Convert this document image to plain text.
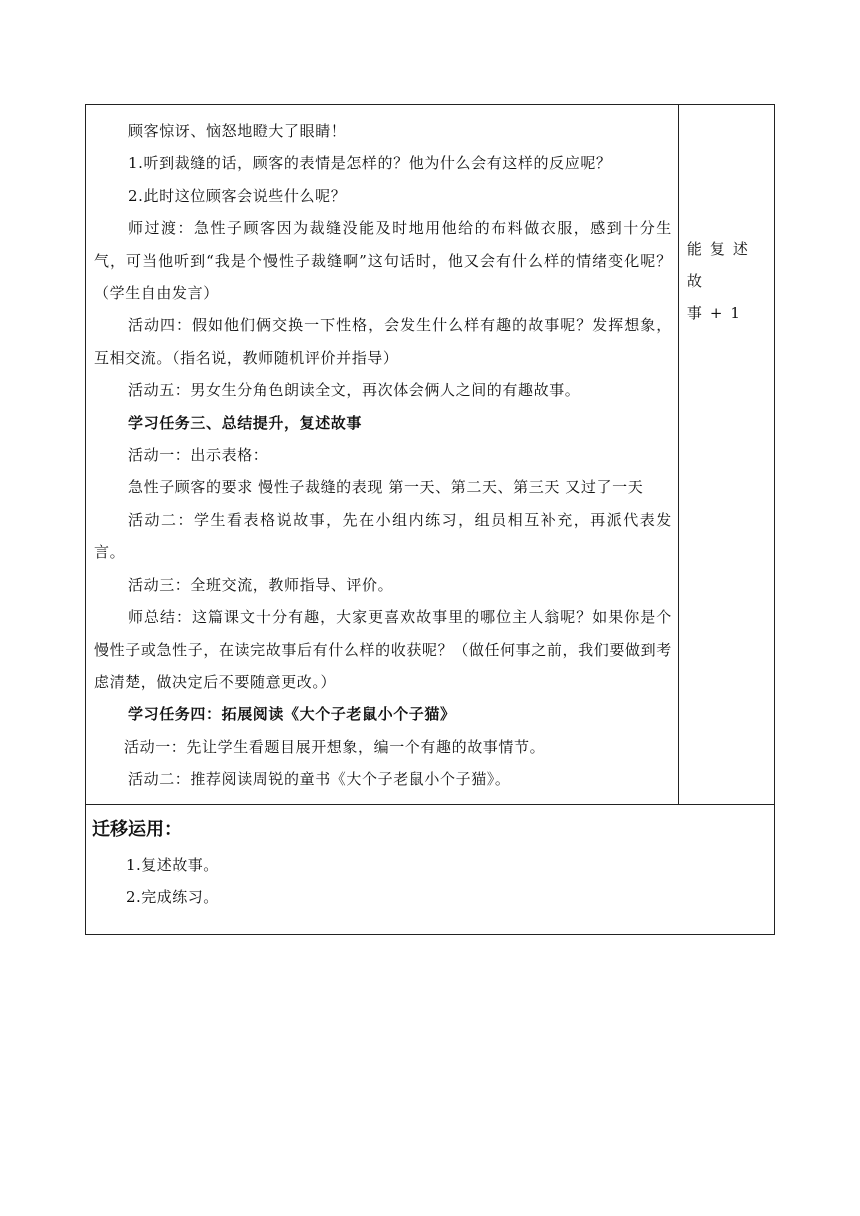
顾客惊讶、恼怒地瞪大了眼睛！

1.听到裁缝的话，顾客的表情是怎样的？他为什么会有这样的反应呢？

2.此时这位顾客会说些什么呢？

师过渡：急性子顾客因为裁缝没能及时地用他给的布料做衣服，感到十分生气，可当他听到“我是个慢性子裁缝啊”这句话时，他又会有什么样的情绪变化呢？（学生自由发言）

活动四：假如他们俩交换一下性格，会发生什么样有趣的故事呢？发挥想象，互相交流。（指名说，教师随机评价并指导）

活动五：男女生分角色朗读全文，再次体会俩人之间的有趣故事。

学习任务三、总结提升，复述故事

活动一：出示表格：

急性子顾客的要求 慢性子裁缝的表现 第一天、第二天、第三天 又过了一天

活动二：学生看表格说故事，先在小组内练习，组员相互补充，再派代表发言。

活动三：全班交流，教师指导、评价。

师总结：这篇课文十分有趣，大家更喜欢故事里的哪位主人翁呢？如果你是个慢性子或急性子，在读完故事后有什么样的收获呢？（做任何事之前，我们要做到考虑清楚，做决定后不要随意更改。）

学习任务四：拓展阅读《大个子老鼠小个子猫》

活动一：先让学生看题目展开想象，编一个有趣的故事情节。

活动二：推荐阅读周锐的童书《大个子老鼠小个子猫》。

能复述故

事+1

迁移运用：

1.复述故事。

2.完成练习。
